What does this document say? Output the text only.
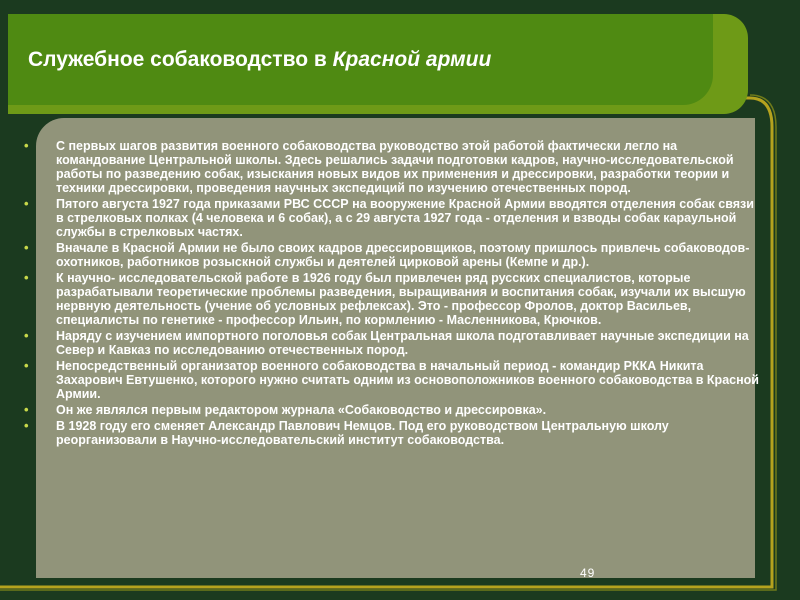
Служебное собаководство в Красной армии
• С первых шагов развития военного собаководства руководство этой работой фактически легло на командование Центральной школы. Здесь решались задачи подготовки кадров, научно-исследовательской работы по разведению собак, изыскания новых видов их применения и дрессировки, разработки теории и техники дрессировки, проведения научных экспедиций по изучению отечественных пород.
• Пятого августа 1927 года приказами РВС СССР на вооружение Красной Армии вводятся отделения собак связи в стрелковых полках (4 человека и 6 собак), а с 29 августа 1927 года - отделения и взводы собак караульной службы в стрелковых частях.
• Вначале в Красной Армии не было своих кадров дрессировщиков, поэтому пришлось привлечь собаководов-охотников, работников розыскной службы и деятелей цирковой арены (Кемпе и др.).
• К научно- исследовательской работе в 1926 году был привлечен ряд русских специалистов, которые разрабатывали теоретические проблемы разведения, выращивания и воспитания собак, изучали их высшую нервную деятельность (учение об условных рефлексах). Это - профессор Фролов, доктор Васильев, специалисты по генетике - профессор Ильин, по кормлению - Масленникова, Крючков.
• Наряду с изучением импортного поголовья собак Центральная школа подготавливает научные экспедиции на Север и Кавказ по исследованию отечественных пород.
• Непосредственный организатор военного собаководства в начальный период - командир РККА Никита Захарович Евтушенко, которого нужно считать одним из основоположников военного собаководства в Красной Армии.
• Он же являлся первым редактором журнала «Собаководство и дрессировка».
• В 1928 году его сменяет Александр Павлович Немцов. Под его руководством Центральную школу реорганизовали в Научно-исследовательский институт собаководства.
49
